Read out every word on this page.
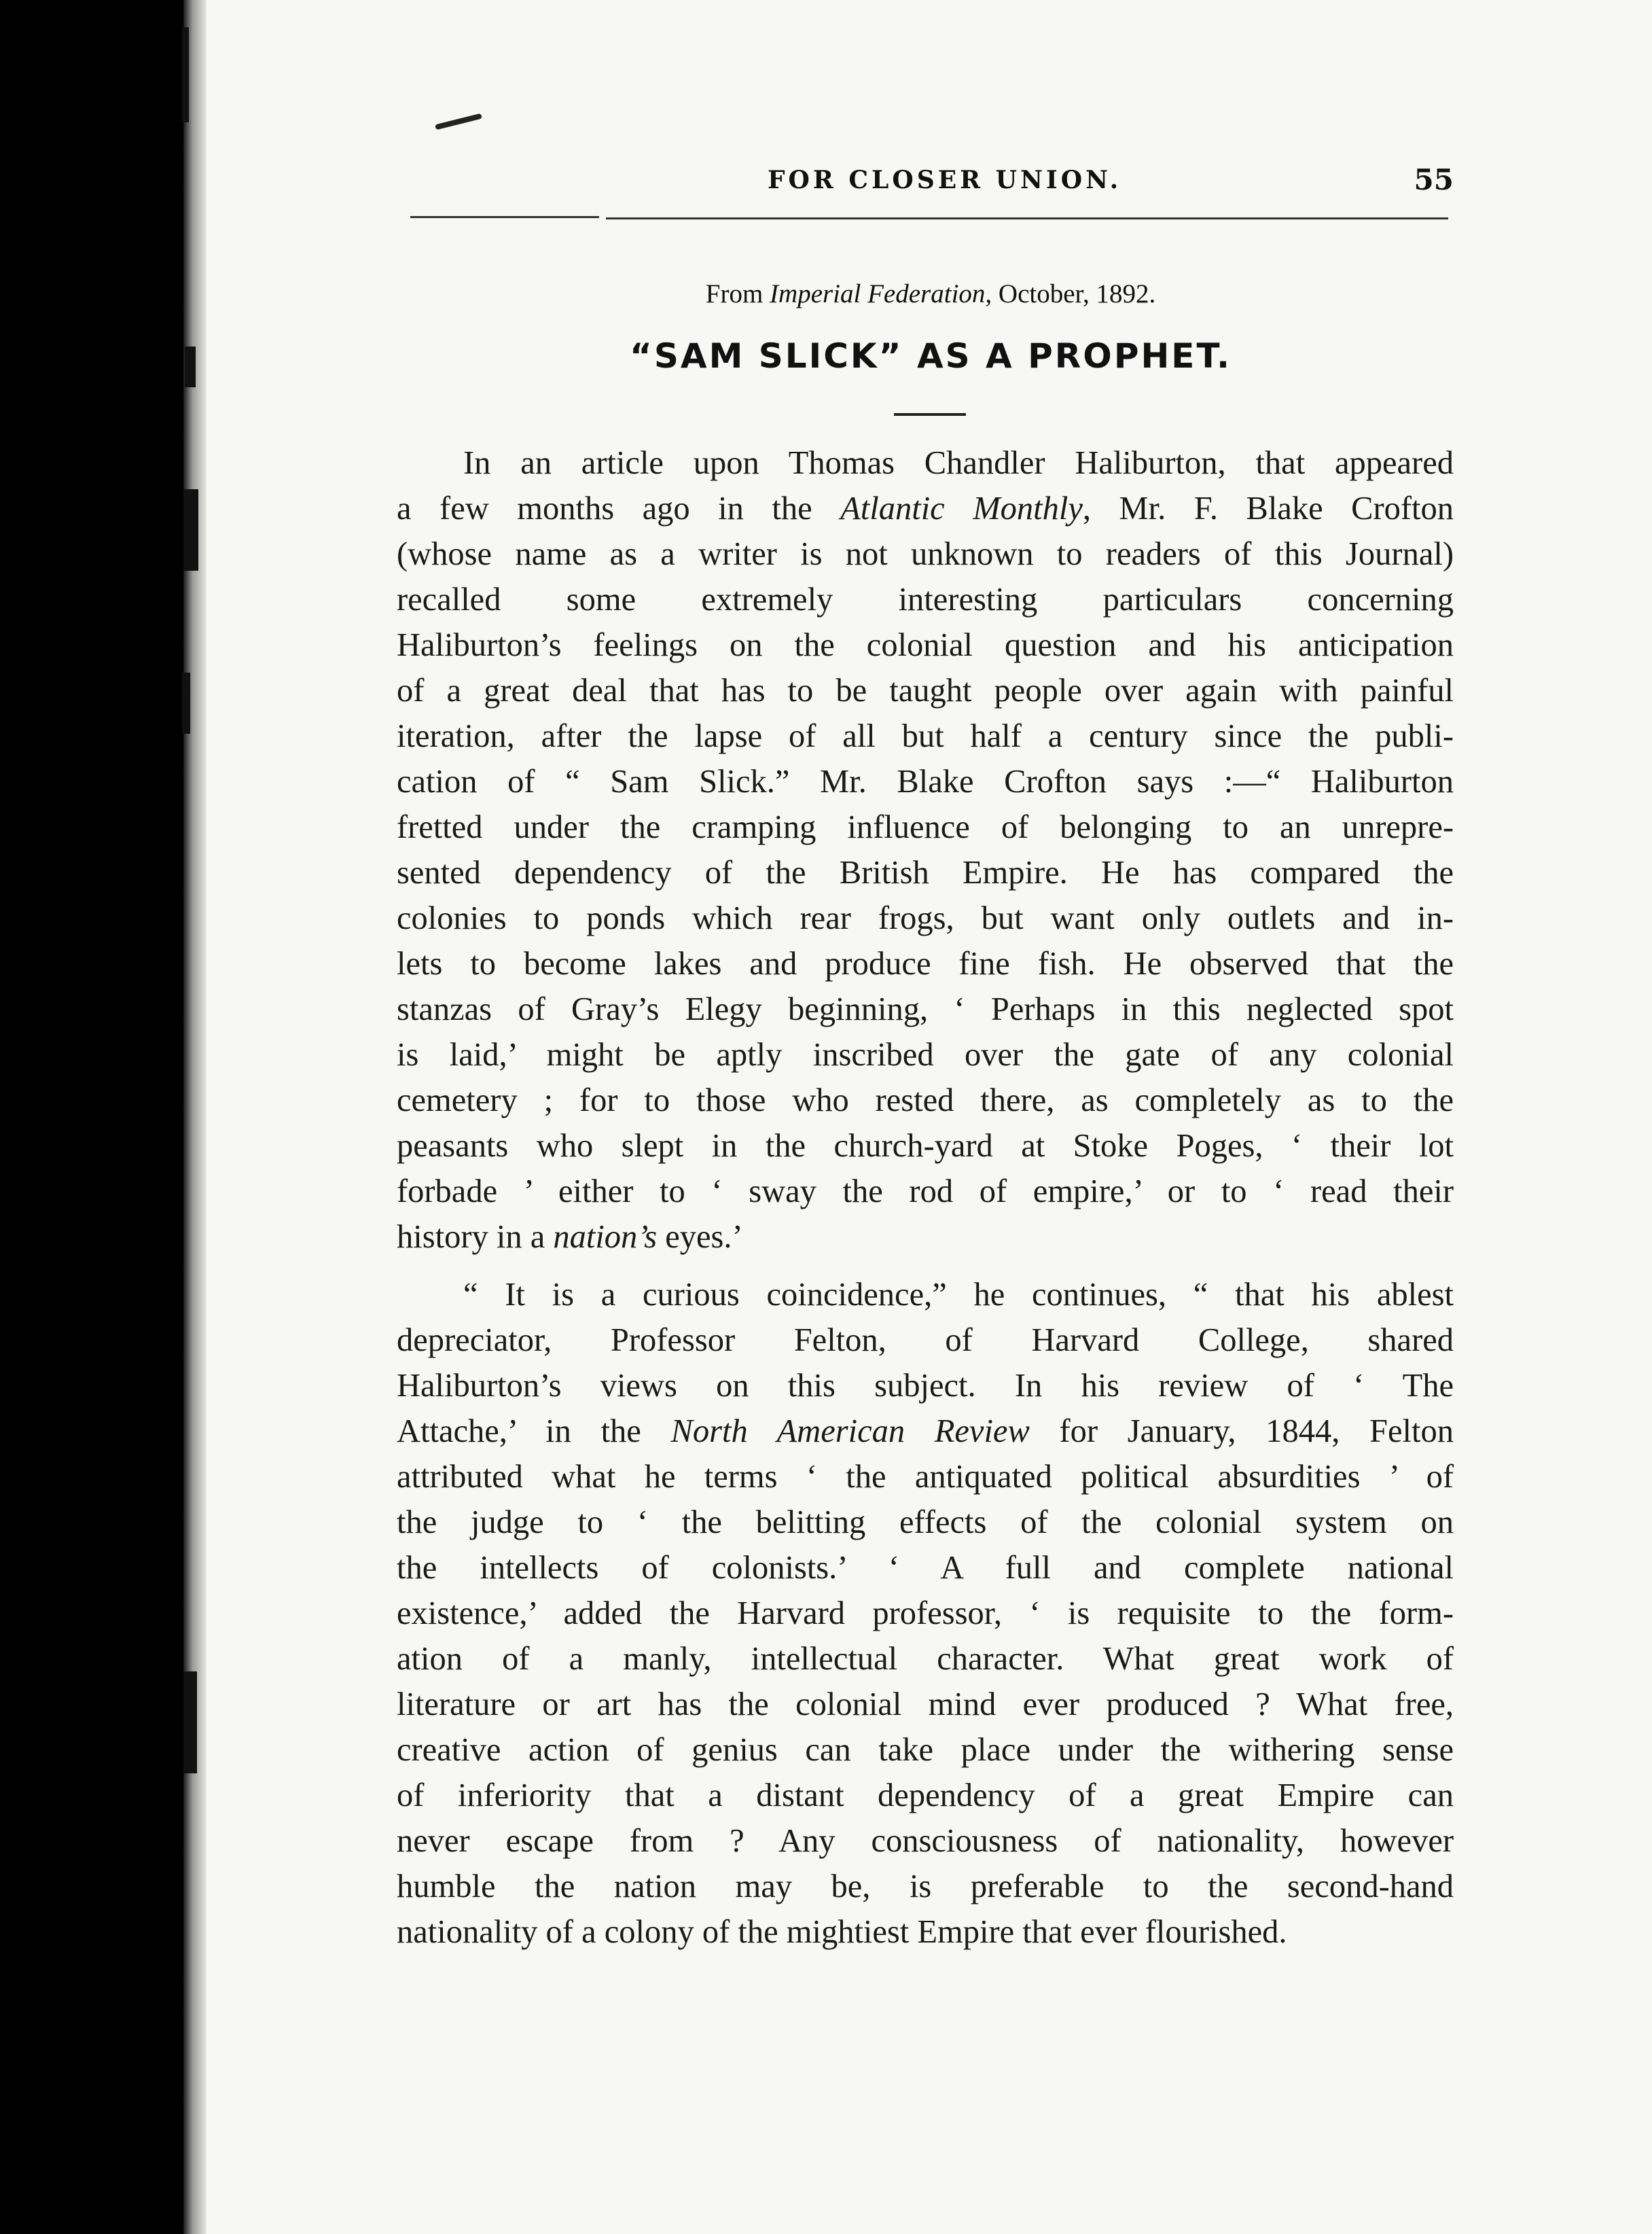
FOR CLOSER UNION.	55
From Imperial Federation, October, 1892.
“SAM SLICK” AS A PROPHET.
In an article upon Thomas Chandler Haliburton, that appeared
a few months ago in the Atlantic Monthly, Mr. F. Blake Crofton
(whose name as a writer is not unknown to readers of this Journal)
recalled some extremely interesting particulars concerning
Haliburton’s feelings on the colonial question and his anticipation
of a great deal that has to be taught people over again with painful
iteration, after the lapse of all but half a century since the publi-
cation of “ Sam Slick.” Mr. Blake Crofton says :—“ Haliburton
fretted under the cramping influence of belonging to an unrepre-
sented dependency of the British Empire. He has compared the
colonies to ponds which rear frogs, but want only outlets and in-
lets to become lakes and produce fine fish. He observed that the
stanzas of Gray’s Elegy beginning, ‘ Perhaps in this neglected spot
is laid,’ might be aptly inscribed over the gate of any colonial
cemetery ; for to those who rested there, as completely as to the
peasants who slept in the church-yard at Stoke Poges, ‘ their lot
forbade ’ either to ‘ sway the rod of empire,’ or to ‘ read their
history in a nation’s eyes.’
“ It is a curious coincidence,” he continues, “ that his ablest
depreciator, Professor Felton, of Harvard College, shared
Haliburton’s views on this subject. In his review of ‘ The
Attache,’ in the North American Review for January, 1844, Felton
attributed what he terms ‘ the antiquated political absurdities ’ of
the judge to ‘ the belitting effects of the colonial system on
the intellects of colonists.’ ‘ A full and complete national
existence,’ added the Harvard professor, ‘ is requisite to the form-
ation of a manly, intellectual character. What great work of
literature or art has the colonial mind ever produced ? What free,
creative action of genius can take place under the withering sense
of inferiority that a distant dependency of a great Empire can
never escape from ? Any consciousness of nationality, however
humble the nation may be, is preferable to the second-hand
nationality of a colony of the mightiest Empire that ever flourished.
